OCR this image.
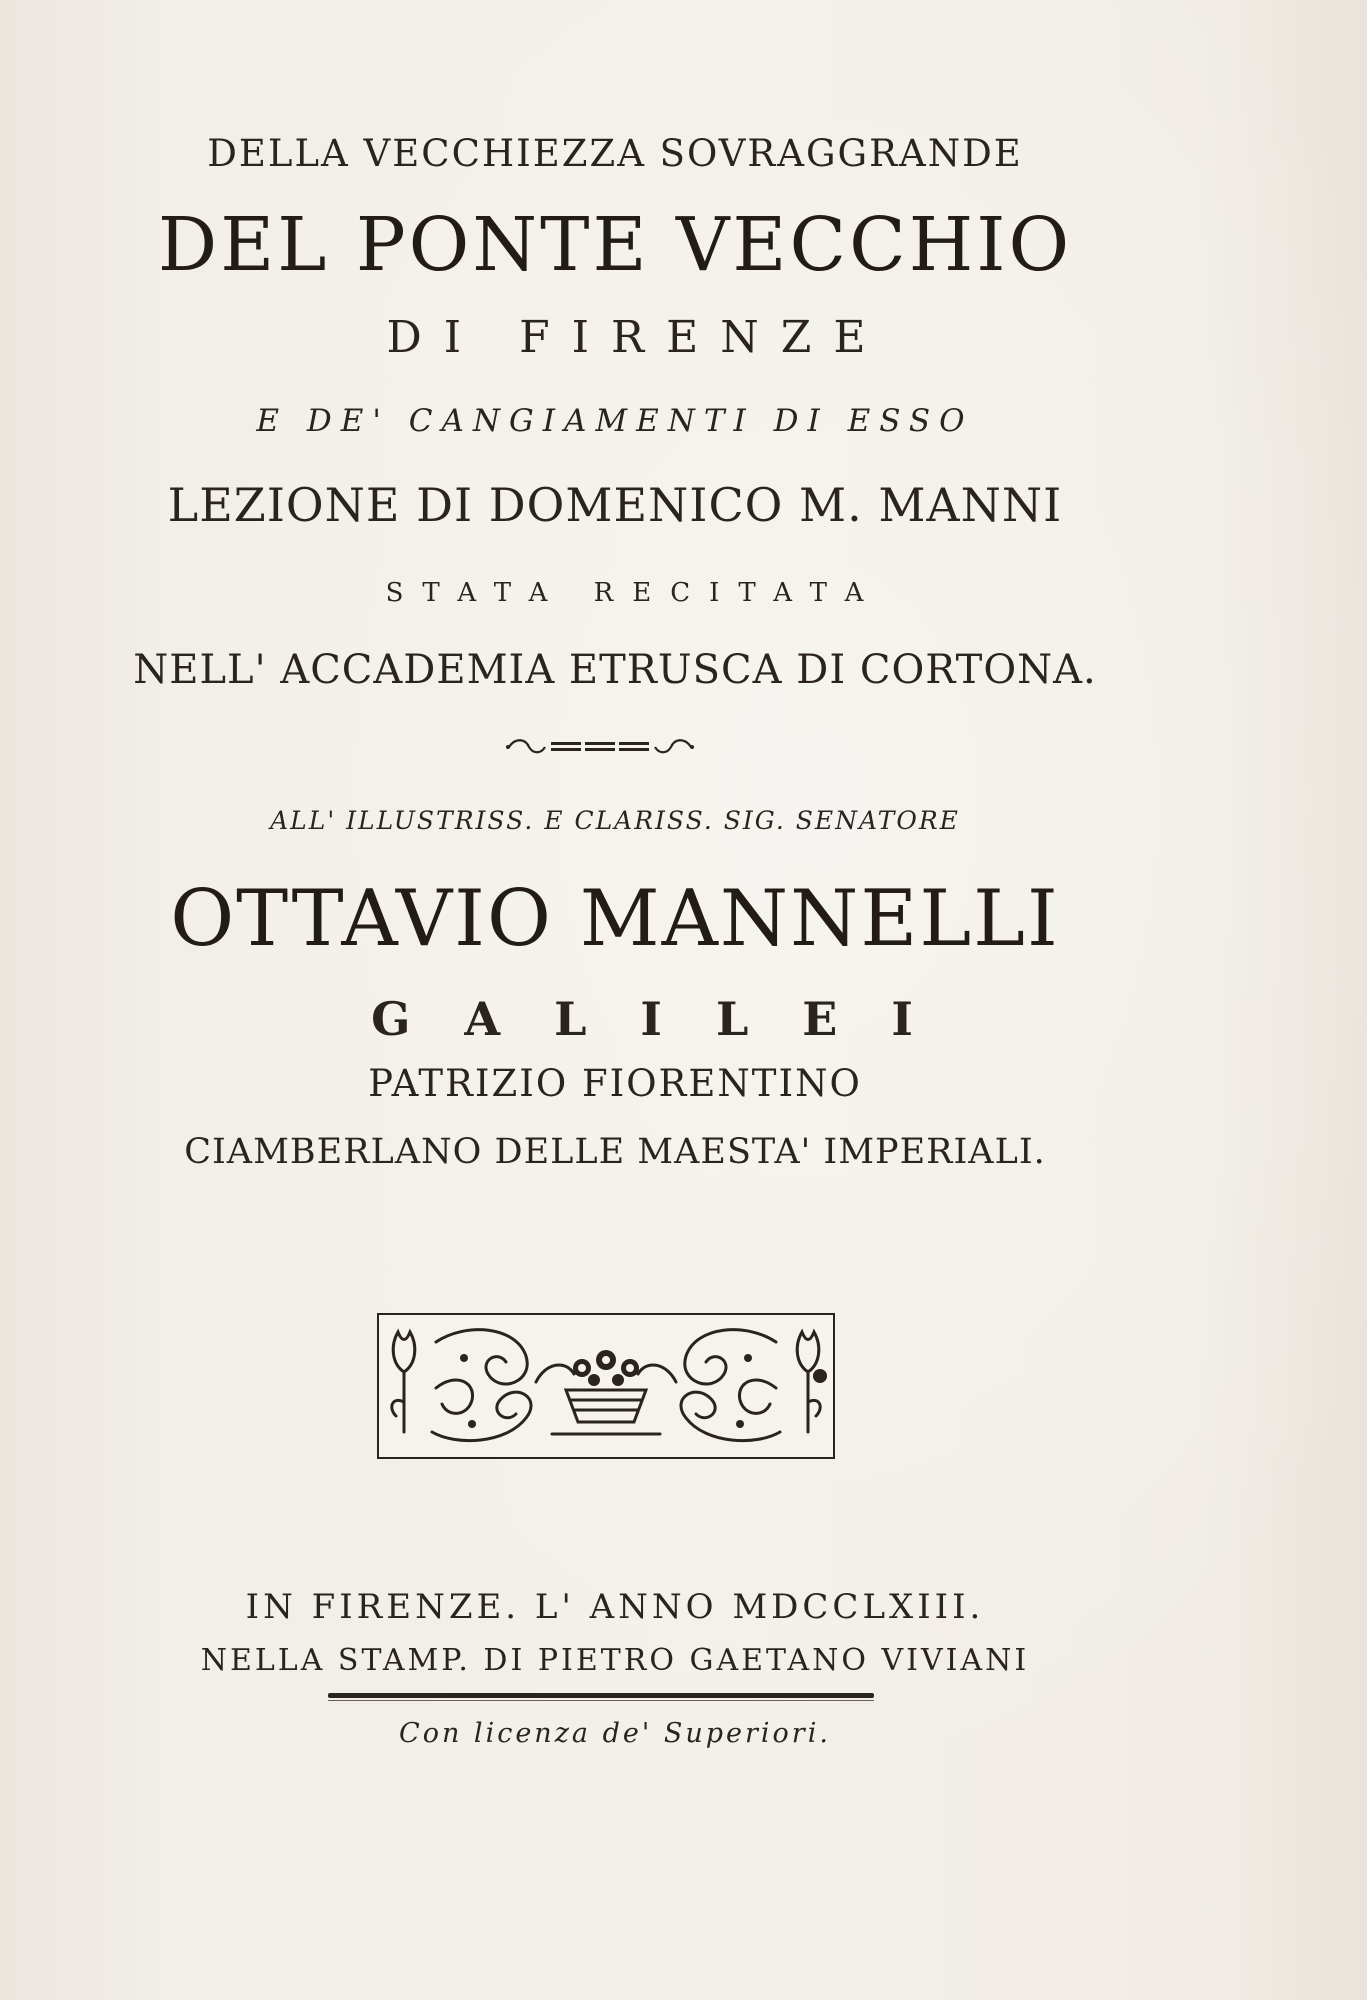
DELLA VECCHIEZZA SOVRAGGRANDE
DEL PONTE VECCHIO
DI FIRENZE
E DE' CANGIAMENTI DI ESSO
LEZIONE DI DOMENICO M. MANNI
STATA RECITATA
NELL' ACCADEMIA ETRUSCA DI CORTONA.
ALL' ILLUSTRISS. E CLARISS. SIG. SENATORE
OTTAVIO MANNELLI
GALILEI
PATRIZIO FIORENTINO
CIAMBERLANO DELLE MAESTA' IMPERIALI.
IN FIRENZE. L' ANNO MDCCLXIII.
NELLA STAMP. DI PIETRO GAETANO VIVIANI
Con licenza de' Superiori.
